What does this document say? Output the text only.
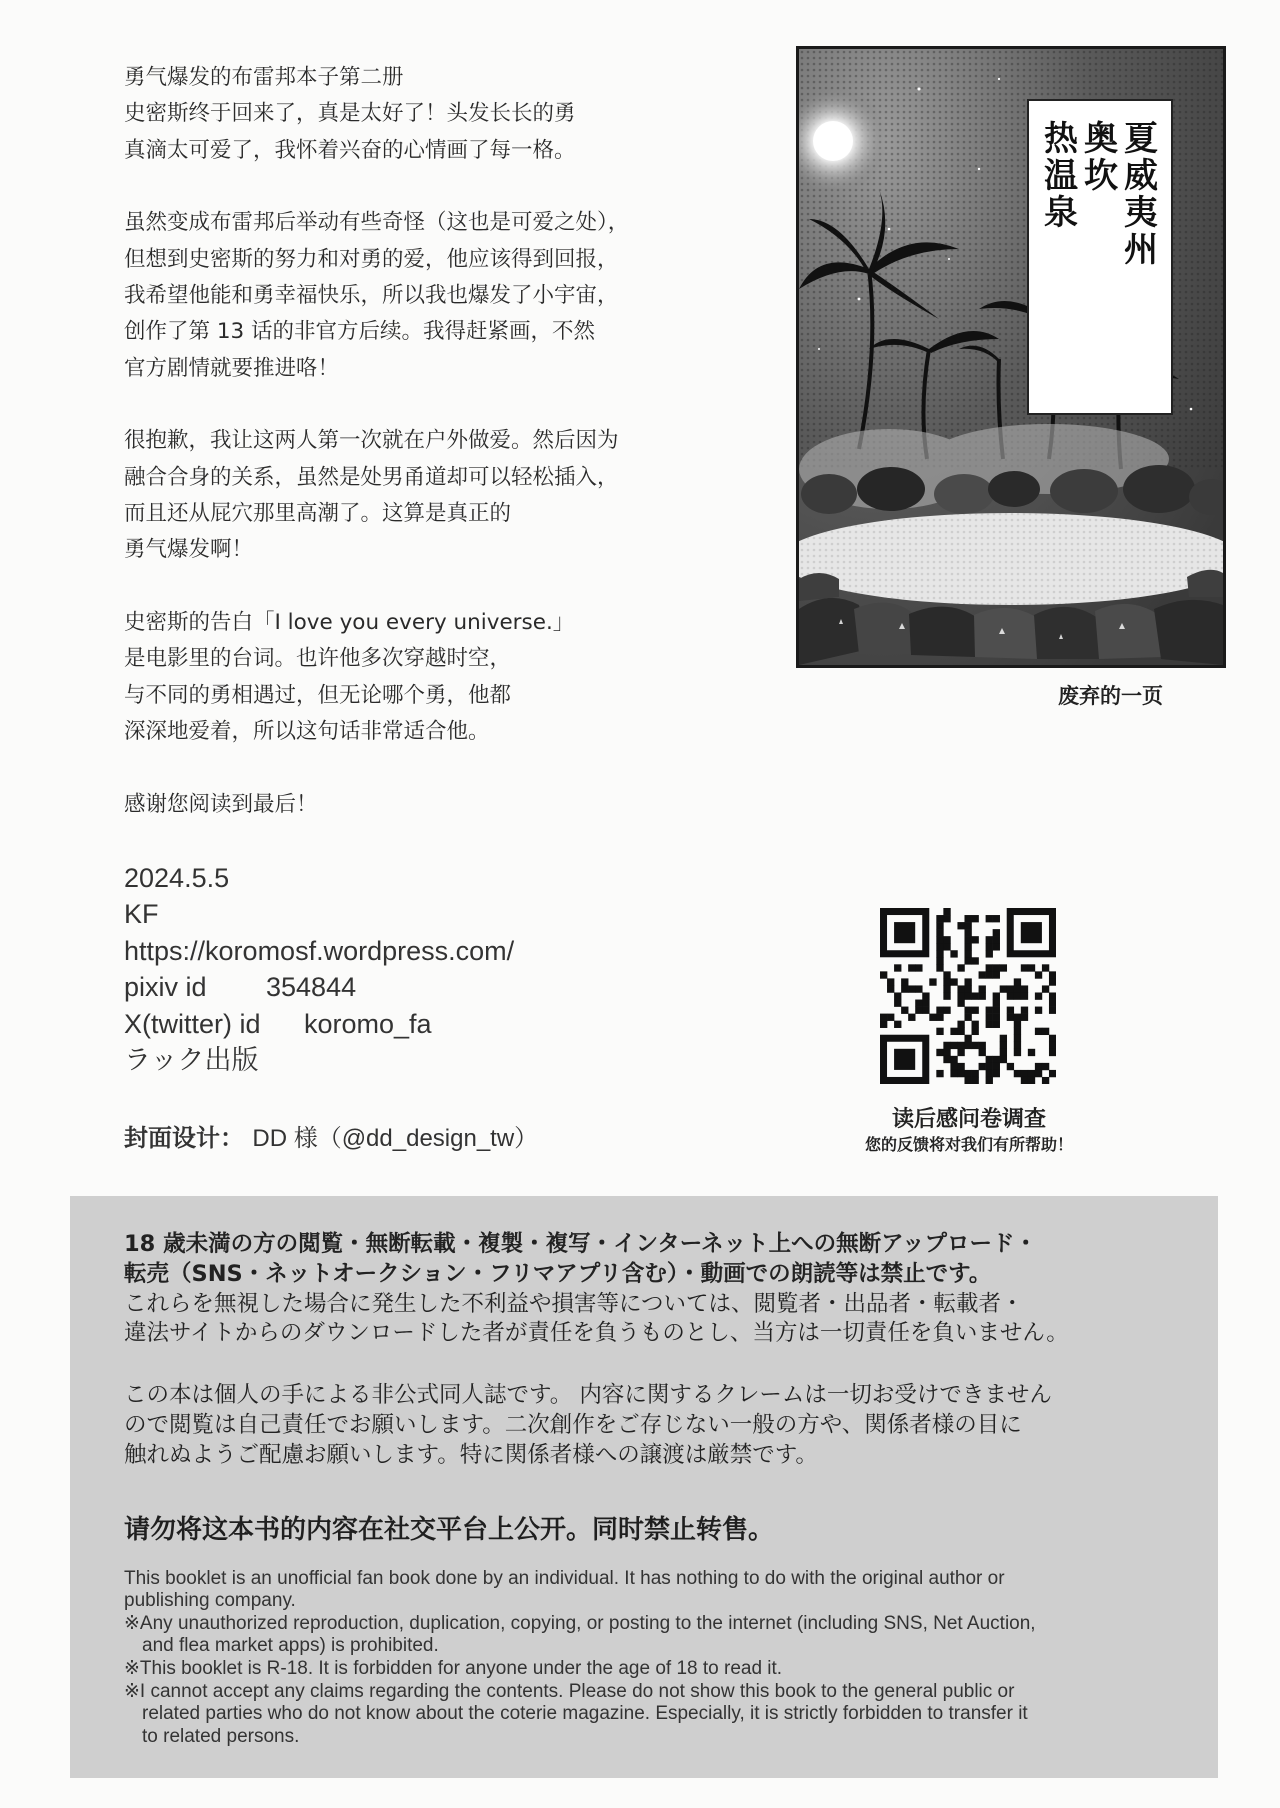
勇气爆发的布雷邦本子第二册
史密斯终于回来了，真是太好了！头发长长的勇
真滴太可爱了，我怀着兴奋的心情画了每一格。

虽然变成布雷邦后举动有些奇怪（这也是可爱之处），
但想到史密斯的努力和对勇的爱，他应该得到回报，
我希望他能和勇幸福快乐，所以我也爆发了小宇宙，
创作了第 13 话的非官方后续。我得赶紧画，不然
官方剧情就要推进咯！

很抱歉，我让这两人第一次就在户外做爱。然后因为
融合合身的关系，虽然是处男甬道却可以轻松插入，
而且还从屁穴那里高潮了。这算是真正的
勇气爆发啊！

史密斯的告白「I love you every universe.」
是电影里的台词。也许他多次穿越时空，
与不同的勇相遇过，但无论哪个勇，他都
深深地爱着，所以这句话非常适合他。

感谢您阅读到最后！

夏
威
夷
州
奥
坎
热
温
泉
废弃的一页
2024.5.5
KF
https://koromosf.wordpress.com/
pixiv id 354844
X(twitter) id koromo_fa
ラック出版
封面设计： DD 様（@dd_design_tw）
读后感问卷调查
您的反馈将对我们有所帮助！
18 歳未満の方の閲覧・無断転載・複製・複写・インターネット上への無断アップロード・
転売（SNS・ネットオークション・フリマアプリ含む）・動画での朗読等は禁止です。
これらを無視した場合に発生した不利益や損害等については、閲覧者・出品者・転載者・
違法サイトからのダウンロードした者が責任を負うものとし、当方は一切責任を負いません。
この本は個人の手による非公式同人誌です。 内容に関するクレームは一切お受けできません
ので閲覧は自己責任でお願いします。二次創作をご存じない一般の方や、関係者様の目に
触れぬようご配慮お願いします。特に関係者様への譲渡は厳禁です。
请勿将这本书的内容在社交平台上公开。同时禁止转售。
This booklet is an unofficial fan book done by an individual. It has nothing to do with the original author or
publishing company.
※Any unauthorized reproduction, duplication, copying, or posting to the internet (including SNS, Net Auction,
and flea market apps) is prohibited.
※This booklet is R-18. It is forbidden for anyone under the age of 18 to read it.
※I cannot accept any claims regarding the contents. Please do not show this book to the general public or
related parties who do not know about the coterie magazine. Especially, it is strictly forbidden to transfer it
to related persons.
